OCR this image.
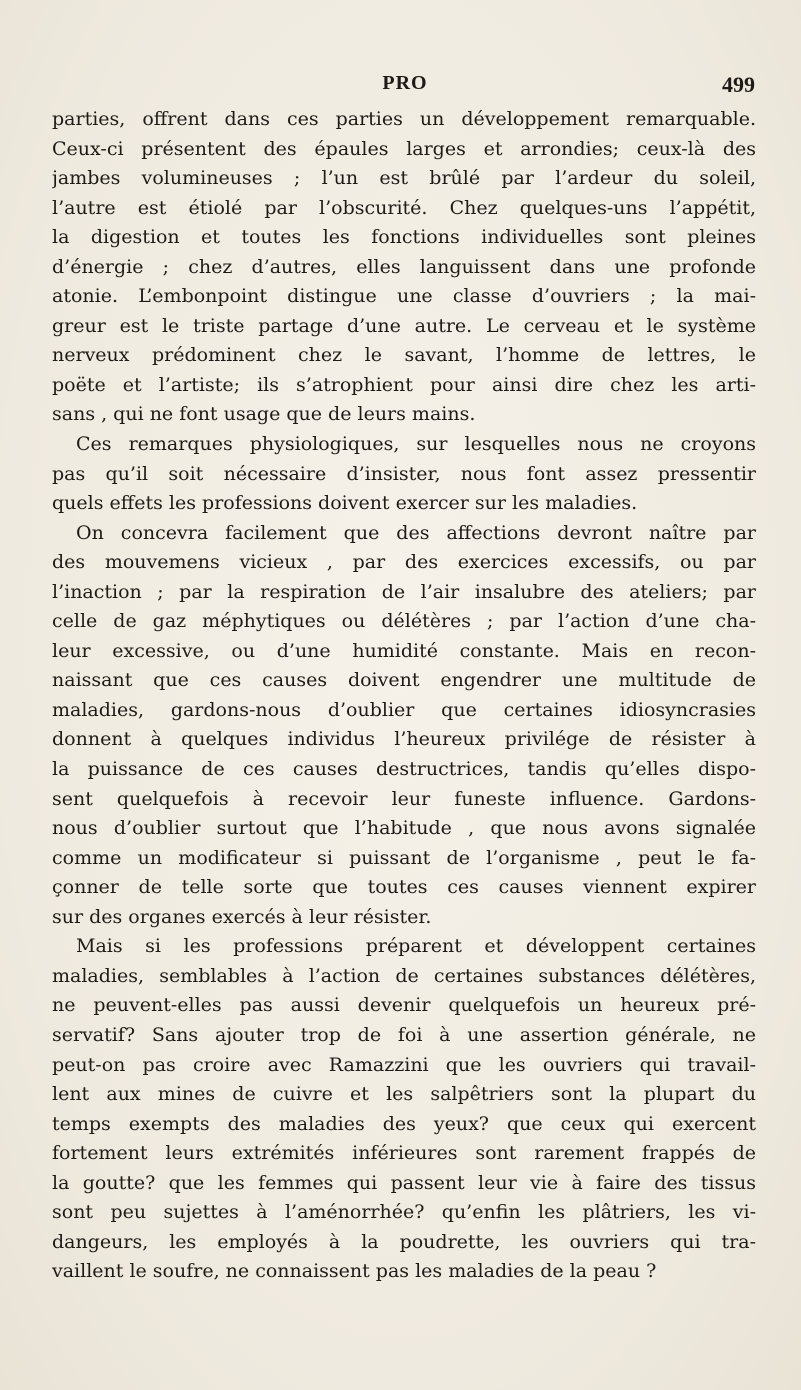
PRO	499
parties, offrent dans ces parties un développement remarquable.
Ceux-ci présentent des épaules larges et arrondies; ceux-là des
jambes volumineuses ; l’un est brûlé par l’ardeur du soleil,
l’autre est étiolé par l’obscurité. Chez quelques-uns l’appétit,
la digestion et toutes les fonctions individuelles sont pleines
d’énergie ; chez d’autres, elles languissent dans une profonde
atonie. L’embonpoint distingue une classe d’ouvriers ; la mai-
greur est le triste partage d’une autre. Le cerveau et le système
nerveux prédominent chez le savant, l’homme de lettres, le
poëte et l’artiste; ils s’atrophient pour ainsi dire chez les arti-
sans , qui ne font usage que de leurs mains.
Ces remarques physiologiques, sur lesquelles nous ne croyons
pas qu’il soit nécessaire d’insister, nous font assez pressentir
quels effets les professions doivent exercer sur les maladies.
On concevra facilement que des affections devront naître par
des mouvemens vicieux , par des exercices excessifs, ou par
l’inaction ; par la respiration de l’air insalubre des ateliers; par
celle de gaz méphytiques ou délétères ; par l’action d’une cha-
leur excessive, ou d’une humidité constante. Mais en recon-
naissant que ces causes doivent engendrer une multitude de
maladies, gardons-nous d’oublier que certaines idiosyncrasies
donnent à quelques individus l’heureux privilége de résister à
la puissance de ces causes destructrices, tandis qu’elles dispo-
sent quelquefois à recevoir leur funeste influence. Gardons-
nous d’oublier surtout que l’habitude , que nous avons signalée
comme un modificateur si puissant de l’organisme , peut le fa-
çonner de telle sorte que toutes ces causes viennent expirer
sur des organes exercés à leur résister.
Mais si les professions préparent et développent certaines
maladies, semblables à l’action de certaines substances délétères,
ne peuvent-elles pas aussi devenir quelquefois un heureux pré-
servatif? Sans ajouter trop de foi à une assertion générale, ne
peut-on pas croire avec Ramazzini que les ouvriers qui travail-
lent aux mines de cuivre et les salpêtriers sont la plupart du
temps exempts des maladies des yeux? que ceux qui exercent
fortement leurs extrémités inférieures sont rarement frappés de
la goutte? que les femmes qui passent leur vie à faire des tissus
sont peu sujettes à l’aménorrhée? qu’enfin les plâtriers, les vi-
dangeurs, les employés à la poudrette, les ouvriers qui tra-
vaillent le soufre, ne connaissent pas les maladies de la peau ?
